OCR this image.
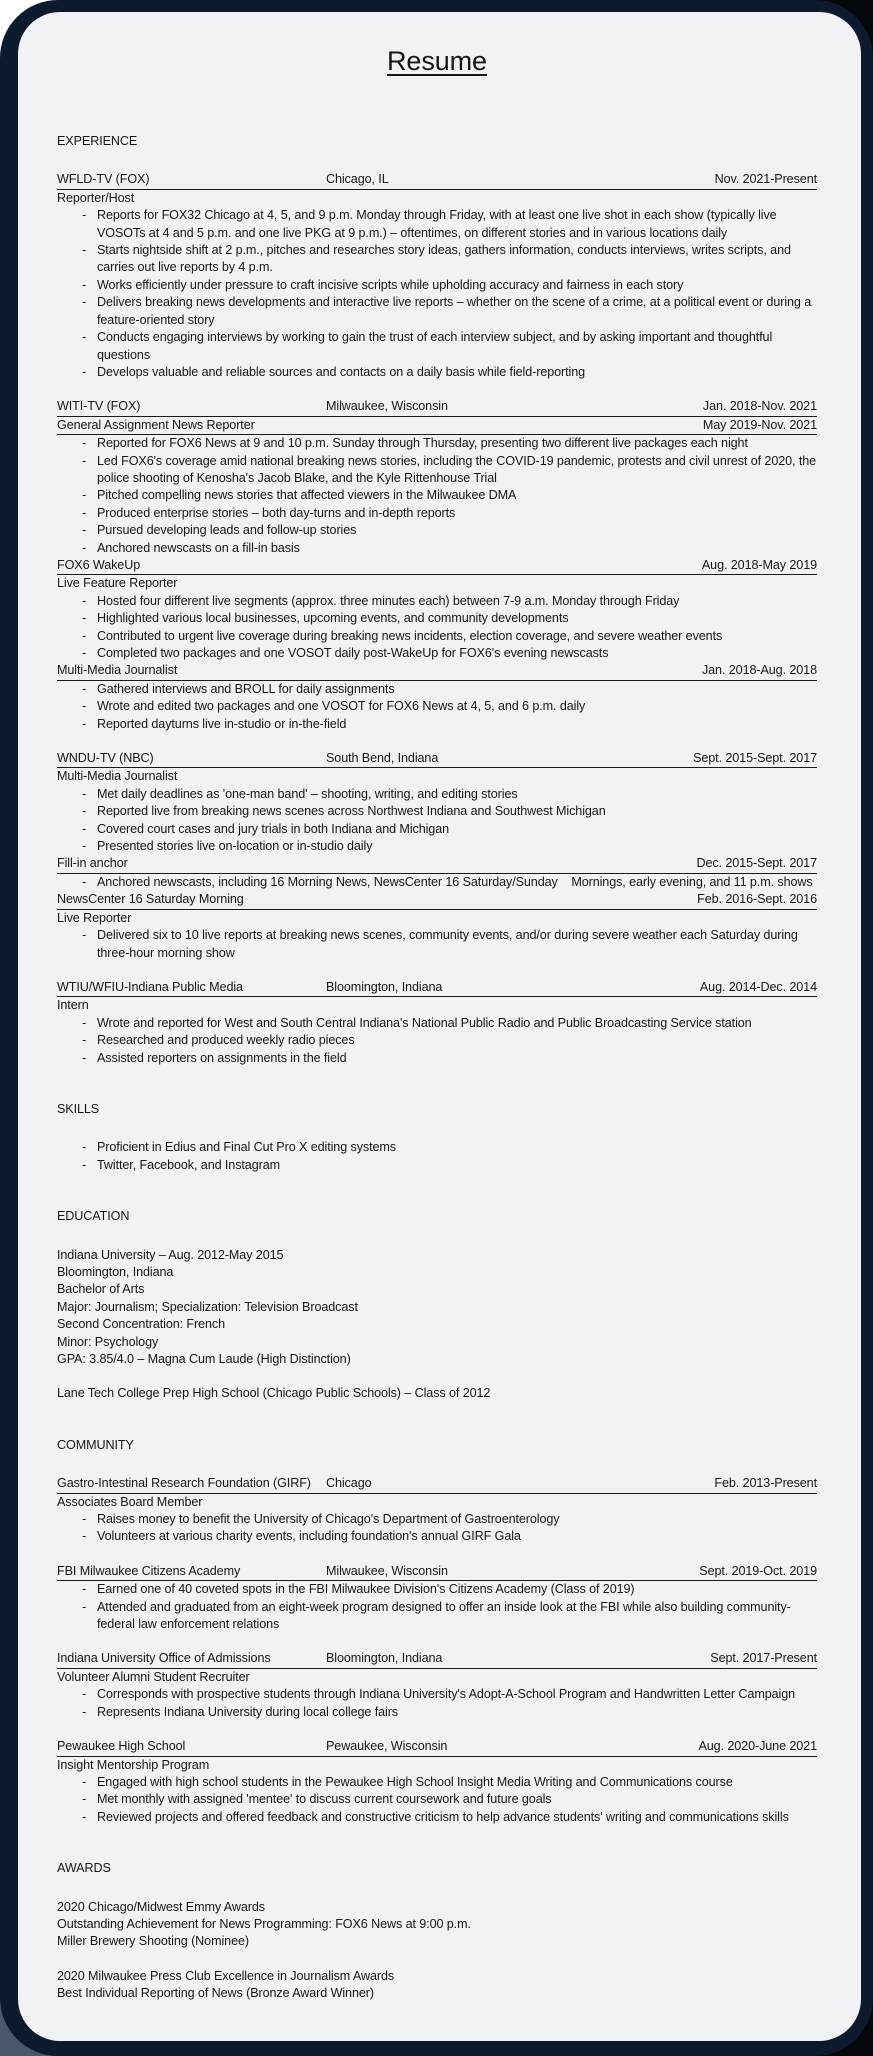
Resume
EXPERIENCE
WFLD-TV (FOX)	Chicago, IL	Nov. 2021-Present
Reporter/Host
- Reports for FOX32 Chicago at 4, 5, and 9 p.m. Monday through Friday, with at least one live shot in each show (typically live VOSOTs at 4 and 5 p.m. and one live PKG at 9 p.m.) – oftentimes, on different stories and in various locations daily
- Starts nightside shift at 2 p.m., pitches and researches story ideas, gathers information, conducts interviews, writes scripts, and carries out live reports by 4 p.m.
- Works efficiently under pressure to craft incisive scripts while upholding accuracy and fairness in each story
- Delivers breaking news developments and interactive live reports – whether on the scene of a crime, at a political event or during a feature-oriented story
- Conducts engaging interviews by working to gain the trust of each interview subject, and by asking important and thoughtful questions
- Develops valuable and reliable sources and contacts on a daily basis while field-reporting
WITI-TV (FOX)	Milwaukee, Wisconsin	Jan. 2018-Nov. 2021
General Assignment News Reporter	May 2019-Nov. 2021
- Reported for FOX6 News at 9 and 10 p.m. Sunday through Thursday, presenting two different live packages each night
- Led FOX6's coverage amid national breaking news stories, including the COVID-19 pandemic, protests and civil unrest of 2020, the police shooting of Kenosha's Jacob Blake, and the Kyle Rittenhouse Trial
- Pitched compelling news stories that affected viewers in the Milwaukee DMA
- Produced enterprise stories – both day-turns and in-depth reports
- Pursued developing leads and follow-up stories
- Anchored newscasts on a fill-in basis
FOX6 WakeUp	Aug. 2018-May 2019
Live Feature Reporter
- Hosted four different live segments (approx. three minutes each) between 7-9 a.m. Monday through Friday
- Highlighted various local businesses, upcoming events, and community developments
- Contributed to urgent live coverage during breaking news incidents, election coverage, and severe weather events
- Completed two packages and one VOSOT daily post-WakeUp for FOX6's evening newscasts
Multi-Media Journalist	Jan. 2018-Aug. 2018
- Gathered interviews and BROLL for daily assignments
- Wrote and edited two packages and one VOSOT for FOX6 News at 4, 5, and 6 p.m. daily
- Reported dayturns live in-studio or in-the-field
WNDU-TV (NBC)	South Bend, Indiana	Sept. 2015-Sept. 2017
Multi-Media Journalist
- Met daily deadlines as 'one-man band' – shooting, writing, and editing stories
- Reported live from breaking news scenes across Northwest Indiana and Southwest Michigan
- Covered court cases and jury trials in both Indiana and Michigan
- Presented stories live on-location or in-studio daily
Fill-in anchor	Dec. 2015-Sept. 2017
- Anchored newscasts, including 16 Morning News, NewsCenter 16 Saturday/Sunday    Mornings, early evening, and 11 p.m. shows
NewsCenter 16 Saturday Morning	Feb. 2016-Sept. 2016
Live Reporter
- Delivered six to 10 live reports at breaking news scenes, community events, and/or during severe weather each Saturday during three-hour morning show
WTIU/WFIU-Indiana Public Media	Bloomington, Indiana	Aug. 2014-Dec. 2014
Intern
- Wrote and reported for West and South Central Indiana's National Public Radio and Public Broadcasting Service station
- Researched and produced weekly radio pieces
- Assisted reporters on assignments in the field
SKILLS
- Proficient in Edius and Final Cut Pro X editing systems
- Twitter, Facebook, and Instagram
EDUCATION
Indiana University – Aug. 2012-May 2015
Bloomington, Indiana
Bachelor of Arts
Major: Journalism; Specialization: Television Broadcast
Second Concentration: French
Minor: Psychology
GPA: 3.85/4.0 – Magna Cum Laude (High Distinction)
Lane Tech College Prep High School (Chicago Public Schools) – Class of 2012
COMMUNITY
Gastro-Intestinal Research Foundation (GIRF)	Chicago	Feb. 2013-Present
Associates Board Member
- Raises money to benefit the University of Chicago's Department of Gastroenterology
- Volunteers at various charity events, including foundation's annual GIRF Gala
FBI Milwaukee Citizens Academy	Milwaukee, Wisconsin	Sept. 2019-Oct. 2019
- Earned one of 40 coveted spots in the FBI Milwaukee Division's Citizens Academy (Class of 2019)
- Attended and graduated from an eight-week program designed to offer an inside look at the FBI while also building community-federal law enforcement relations
Indiana University Office of Admissions	Bloomington, Indiana	Sept. 2017-Present
Volunteer Alumni Student Recruiter
- Corresponds with prospective students through Indiana University's Adopt-A-School Program and Handwritten Letter Campaign
- Represents Indiana University during local college fairs
Pewaukee High School	Pewaukee, Wisconsin	Aug. 2020-June 2021
Insight Mentorship Program
- Engaged with high school students in the Pewaukee High School Insight Media Writing and Communications course
- Met monthly with assigned 'mentee' to discuss current coursework and future goals
- Reviewed projects and offered feedback and constructive criticism to help advance students' writing and communications skills
AWARDS
2020 Chicago/Midwest Emmy Awards
Outstanding Achievement for News Programming: FOX6 News at 9:00 p.m.
Miller Brewery Shooting (Nominee)
2020 Milwaukee Press Club Excellence in Journalism Awards
Best Individual Reporting of News (Bronze Award Winner)
